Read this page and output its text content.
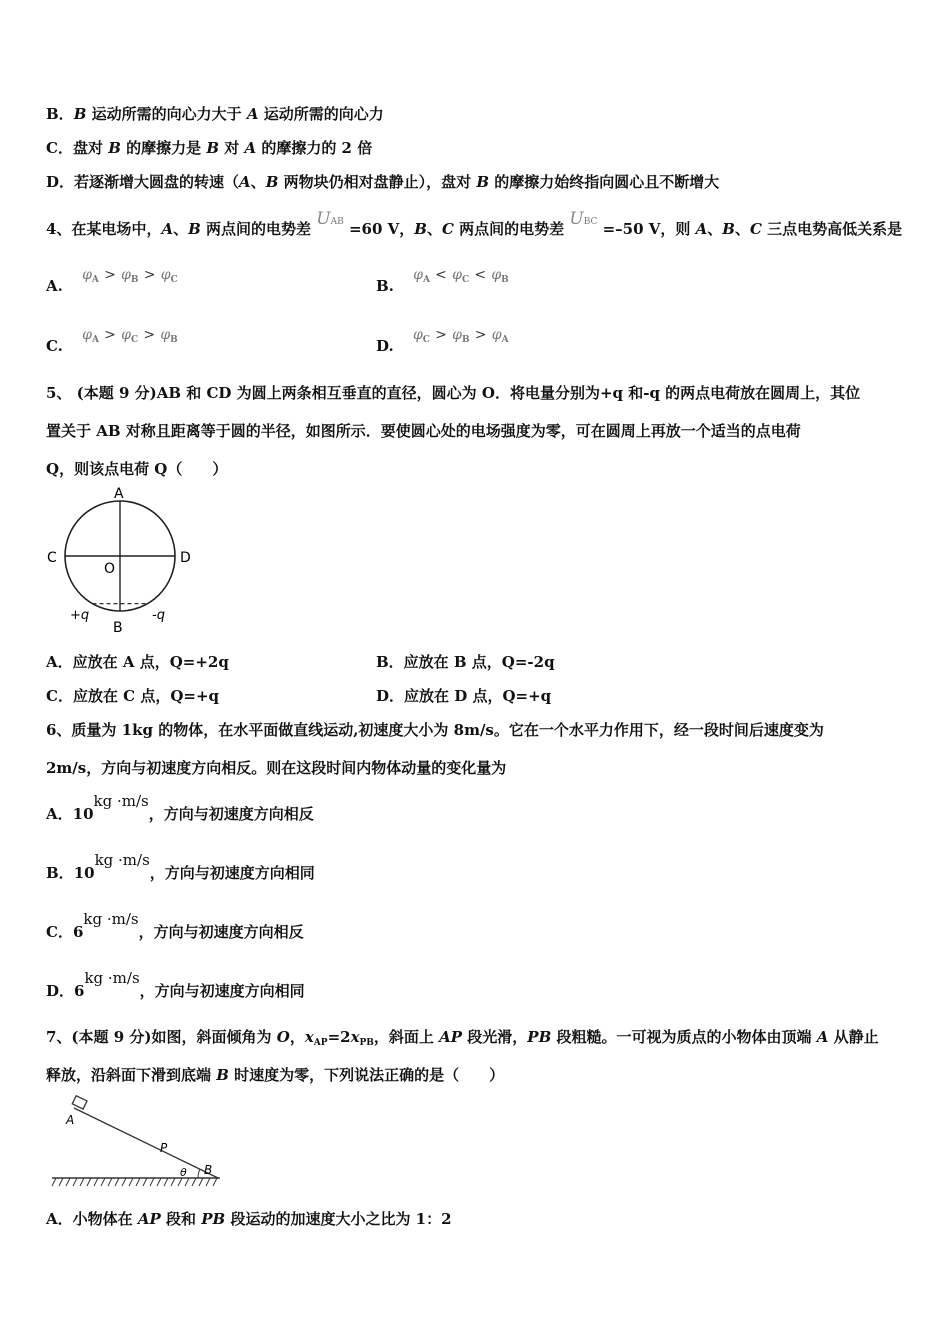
B．B 运动所需的向心力大于 A 运动所需的向心力
C．盘对 B 的摩擦力是 B 对 A 的摩擦力的 2 倍
D．若逐渐增大圆盘的转速（A、B 两物块仍相对盘静止），盘对 B 的摩擦力始终指向圆心且不断增大
4、在某电场中，A、B 两点间的电势差 UAB =60 V，B、C 两点间的电势差 UBC =–50 V，则 A、B、C 三点电势高低关系是
A. $\varphi_A > \varphi_B > \varphi_C$	B. $\varphi_A < \varphi_C < \varphi_B$
C. $\varphi_A > \varphi_C > \varphi_B$	D. $\varphi_C > \varphi_B > \varphi_A$
5、 (本题 9 分)AB 和 CD 为圆上两条相互垂直的直径，圆心为 O．将电量分别为+q 和-q 的两点电荷放在圆周上，其位
置关于 AB 对称且距离等于圆的半径，如图所示．要使圆心处的电场强度为零，可在圆周上再放一个适当的点电荷
Q，则该点电荷 Q（　　）
A
B
C	D
O
+q	-q
A．应放在 A 点，Q=+2q	B．应放在 B 点，Q=-2q
C．应放在 C 点，Q=+q	D．应放在 D 点，Q=+q
6、质量为 1kg 的物体，在水平面做直线运动,初速度大小为 8m/s。它在一个水平力作用下，经一段时间后速度变为
2m/s，方向与初速度方向相反。则在这段时间内物体动量的变化量为
A．10kg ·m/s，方向与初速度方向相反
B．10kg ·m/s，方向与初速度方向相同
C．6kg ·m/s，方向与初速度方向相反
D．6kg ·m/s，方向与初速度方向相同
7、(本题 9 分)如图，斜面倾角为 O，$x_{AP}=2x_{PB}$，斜面上 AP 段光滑，PB 段粗糙。一可视为质点的小物体由顶端 A 从静止
释放，沿斜面下滑到底端 B 时速度为零，下列说法正确的是（　　）
A
P
θ B
A．小物体在 AP 段和 PB 段运动的加速度大小之比为 1：2
